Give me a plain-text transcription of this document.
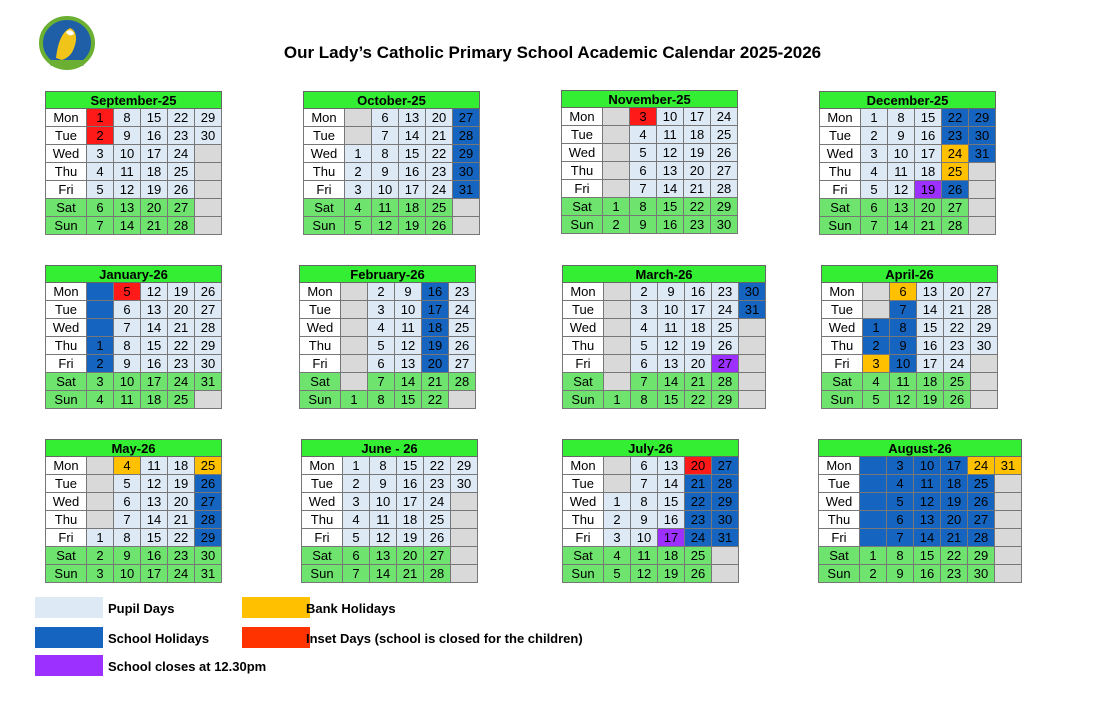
Our Lady’s Catholic Primary School Academic Calendar 2025-2026
September-25					
Mon	1	8	15	22	29
Tue	2	9	16	23	30
Wed	3	10	17	24	
Thu	4	11	18	25	
Fri	5	12	19	26	
Sat	6	13	20	27	
Sun	7	14	21	28	
October-25					
Mon		6	13	20	27
Tue		7	14	21	28
Wed	1	8	15	22	29
Thu	2	9	16	23	30
Fri	3	10	17	24	31
Sat	4	11	18	25	
Sun	5	12	19	26	
November-25					
Mon		3	10	17	24
Tue		4	11	18	25
Wed		5	12	19	26
Thu		6	13	20	27
Fri		7	14	21	28
Sat	1	8	15	22	29
Sun	2	9	16	23	30
December-25					
Mon	1	8	15	22	29
Tue	2	9	16	23	30
Wed	3	10	17	24	31
Thu	4	11	18	25	
Fri	5	12	19	26	
Sat	6	13	20	27	
Sun	7	14	21	28	
January-26					
Mon		5	12	19	26
Tue		6	13	20	27
Wed		7	14	21	28
Thu	1	8	15	22	29
Fri	2	9	16	23	30
Sat	3	10	17	24	31
Sun	4	11	18	25	
February-26					
Mon		2	9	16	23
Tue		3	10	17	24
Wed		4	11	18	25
Thu		5	12	19	26
Fri		6	13	20	27
Sat		7	14	21	28
Sun	1	8	15	22	
March-26						
Mon		2	9	16	23	30
Tue		3	10	17	24	31
Wed		4	11	18	25	
Thu		5	12	19	26	
Fri		6	13	20	27	
Sat		7	14	21	28	
Sun	1	8	15	22	29	
April-26					
Mon		6	13	20	27
Tue		7	14	21	28
Wed	1	8	15	22	29
Thu	2	9	16	23	30
Fri	3	10	17	24	
Sat	4	11	18	25	
Sun	5	12	19	26	
May-26					
Mon		4	11	18	25
Tue		5	12	19	26
Wed		6	13	20	27
Thu		7	14	21	28
Fri	1	8	15	22	29
Sat	2	9	16	23	30
Sun	3	10	17	24	31
June - 26					
Mon	1	8	15	22	29
Tue	2	9	16	23	30
Wed	3	10	17	24	
Thu	4	11	18	25	
Fri	5	12	19	26	
Sat	6	13	20	27	
Sun	7	14	21	28	
July-26					
Mon		6	13	20	27
Tue		7	14	21	28
Wed	1	8	15	22	29
Thu	2	9	16	23	30
Fri	3	10	17	24	31
Sat	4	11	18	25	
Sun	5	12	19	26	
August-26						
Mon		3	10	17	24	31
Tue		4	11	18	25	
Wed		5	12	19	26	
Thu		6	13	20	27	
Fri		7	14	21	28	
Sat	1	8	15	22	29	
Sun	2	9	16	23	30	
Pupil Days	Bank Holidays
School Holidays	Inset Days (school is closed for the children)
School closes at 12.30pm
